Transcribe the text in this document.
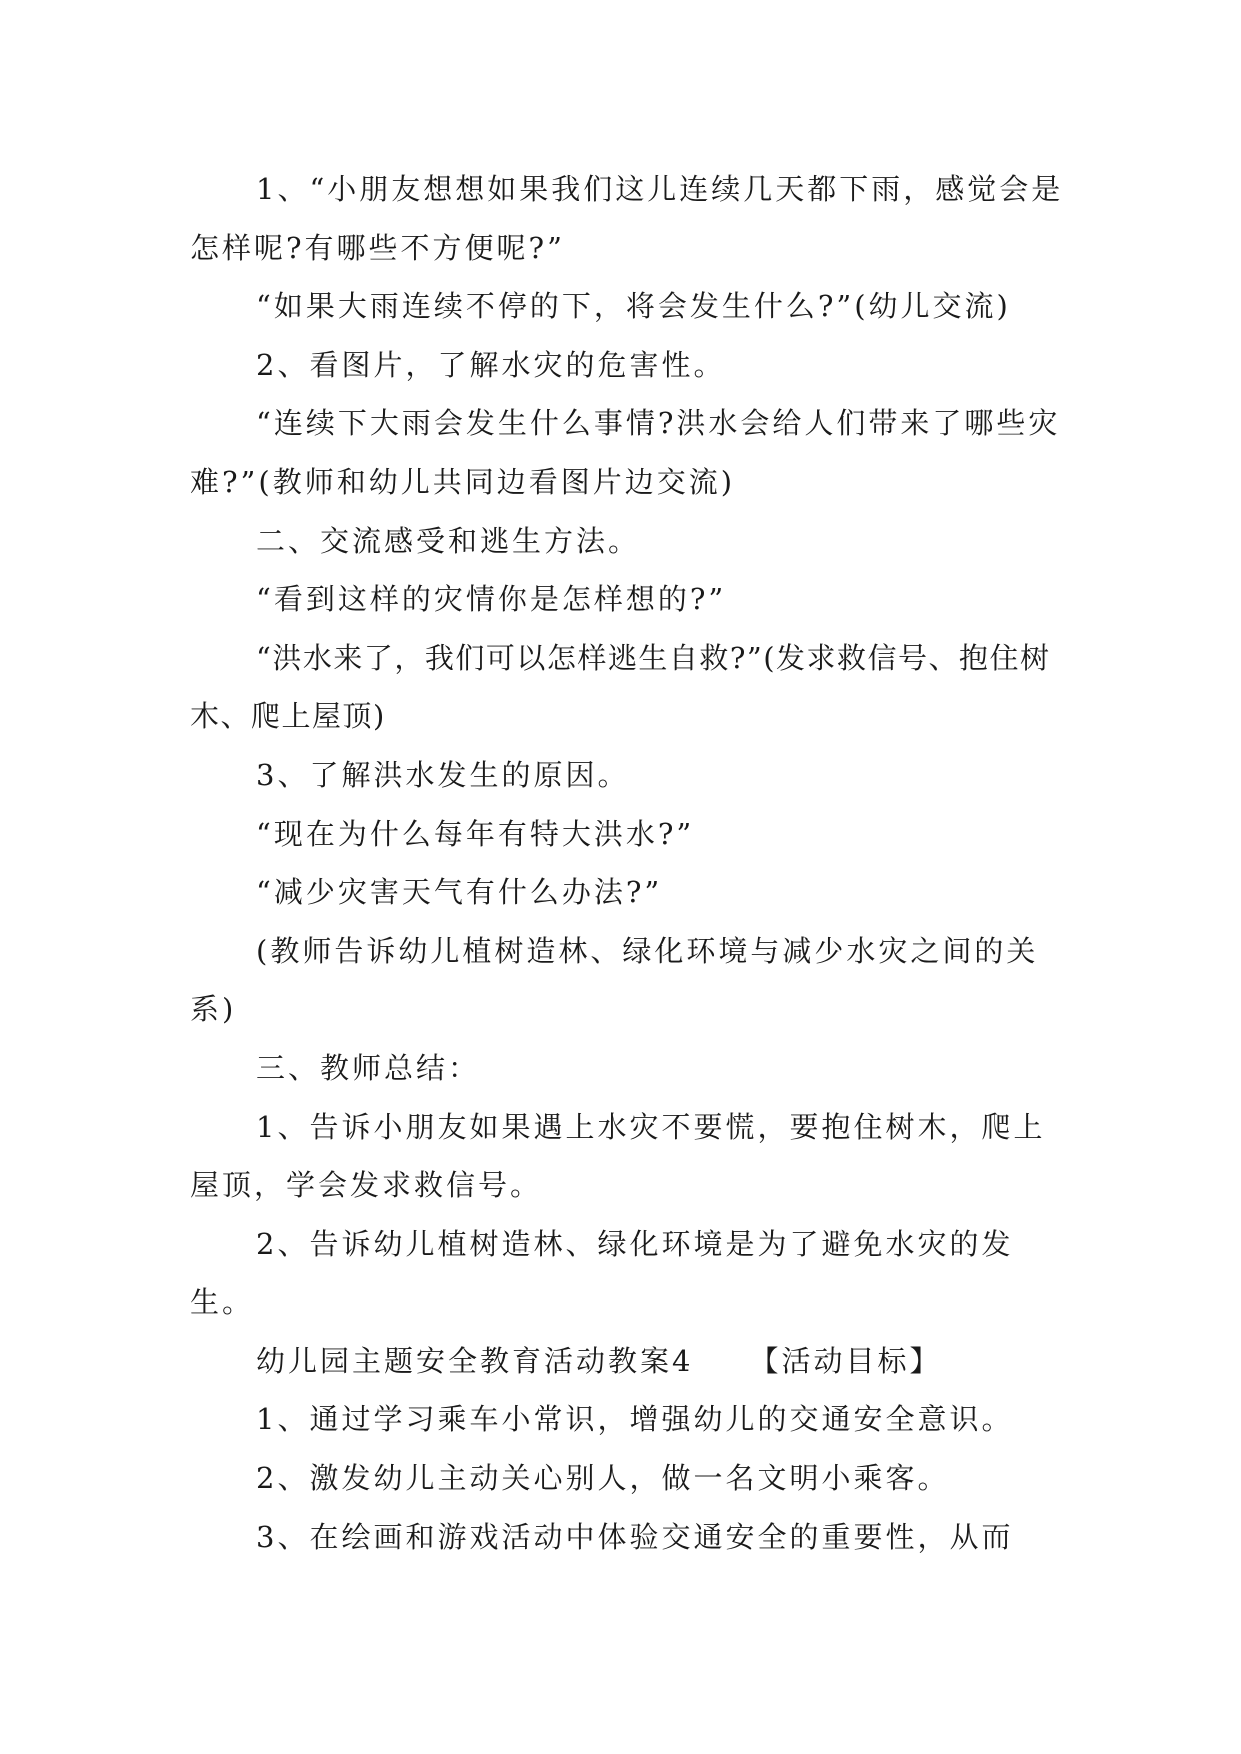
1、“小朋友想想如果我们这儿连续几天都下雨，感觉会是怎样呢?有哪些不方便呢?”

“如果大雨连续不停的下，将会发生什么?”(幼儿交流)

2、看图片，了解水灾的危害性。

“连续下大雨会发生什么事情?洪水会给人们带来了哪些灾难?”(教师和幼儿共同边看图片边交流)

二、交流感受和逃生方法。

“看到这样的灾情你是怎样想的?”

“洪水来了，我们可以怎样逃生自救?”(发求救信号、抱住树木、爬上屋顶)

3、了解洪水发生的原因。

“现在为什么每年有特大洪水?”

“减少灾害天气有什么办法?”

(教师告诉幼儿植树造林、绿化环境与减少水灾之间的关系)

三、教师总结：

1、告诉小朋友如果遇上水灾不要慌，要抱住树木，爬上屋顶，学会发求救信号。

2、告诉幼儿植树造林、绿化环境是为了避免水灾的发生。

幼儿园主题安全教育活动教案4 【活动目标】

1、通过学习乘车小常识，增强幼儿的交通安全意识。

2、激发幼儿主动关心别人，做一名文明小乘客。

3、在绘画和游戏活动中体验交通安全的重要性，从而
